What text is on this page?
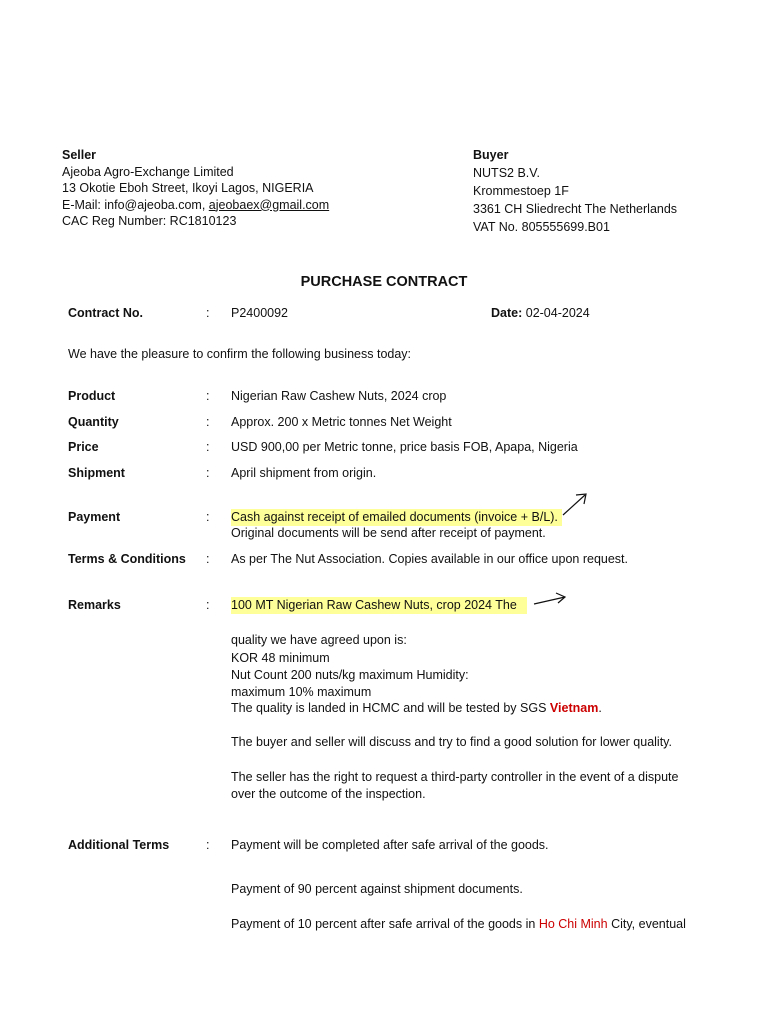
Seller
Ajeoba Agro-Exchange Limited
13 Okotie Eboh Street, Ikoyi Lagos, NIGERIA
E-Mail: info@ajeoba.com, ajeobaex@gmail.com
CAC Reg Number: RC1810123
Buyer
NUTS2 B.V.
Krommestoep 1F
3361 CH Sliedrecht The Netherlands
VAT No. 805555699.B01
PURCHASE CONTRACT
Contract No.	: P2400092	Date: 02-04-2024
We have the pleasure to confirm the following business today:
Product	: Nigerian Raw Cashew Nuts, 2024 crop
Quantity	: Approx. 200 x Metric tonnes Net Weight
Price	: USD 900,00 per Metric tonne, price basis FOB, Apapa, Nigeria
Shipment	: April shipment from origin.
Payment	: Cash against receipt of emailed documents (invoice + B/L).
Original documents will be send after receipt of payment.
Terms & Conditions : As per The Nut Association. Copies available in our office upon request.
Remarks	: 100 MT Nigerian Raw Cashew Nuts, crop 2024 The
quality we have agreed upon is:
KOR 48 minimum
Nut Count 200 nuts/kg maximum Humidity:
maximum 10% maximum
The quality is landed in HCMC and will be tested by SGS Vietnam.
The buyer and seller will discuss and try to find a good solution for lower quality.
The seller has the right to request a third-party controller in the event of a dispute
over the outcome of the inspection.
Additional Terms	: Payment will be completed after safe arrival of the goods.
Payment of 90 percent against shipment documents.
Payment of 10 percent after safe arrival of the goods in Ho Chi Minh City, eventual
